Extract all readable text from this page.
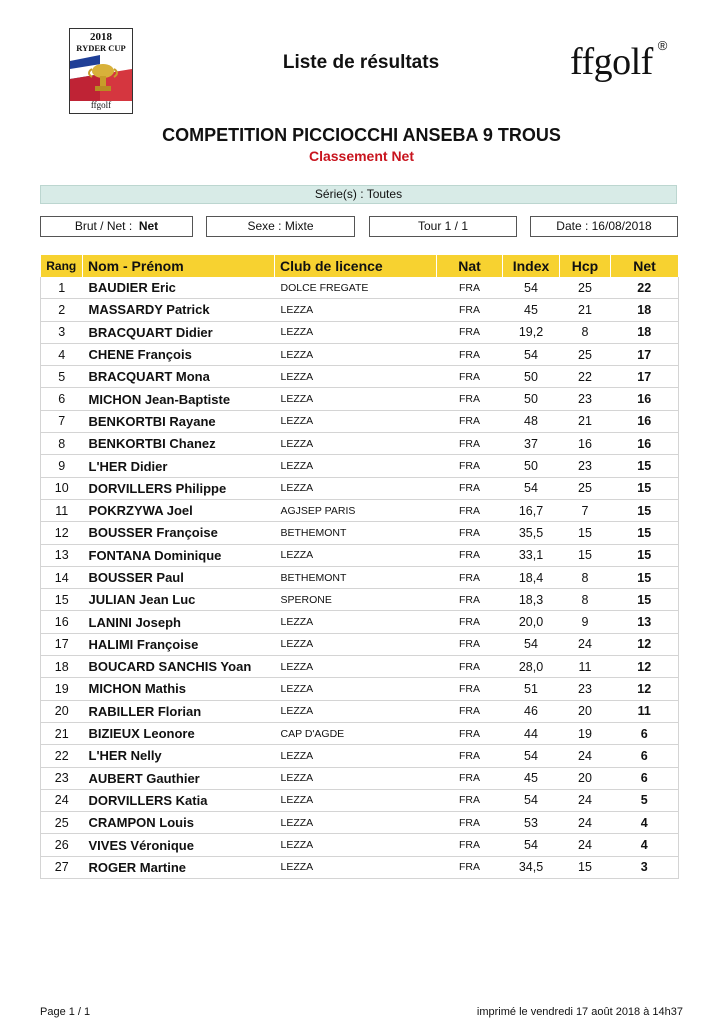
2018
RYDER CUP
ffgolf
Liste de résultats	ffgolf ®
COMPETITION PICCIOCCHI ANSEBA 9 TROUS
Classement Net
Série(s) : Toutes
Brut / Net : Net	Sexe : Mixte	Tour 1 / 1	Date : 16/08/2018
Rang	Nom - Prénom	Club de licence	Nat	Index	Hcp	Net
1	BAUDIER Eric	DOLCE FREGATE	FRA	54	25	22
2	MASSARDY Patrick	LEZZA	FRA	45	21	18
3	BRACQUART Didier	LEZZA	FRA	19,2	8	18
4	CHENE François	LEZZA	FRA	54	25	17
5	BRACQUART Mona	LEZZA	FRA	50	22	17
6	MICHON Jean-Baptiste	LEZZA	FRA	50	23	16
7	BENKORTBI Rayane	LEZZA	FRA	48	21	16
8	BENKORTBI Chanez	LEZZA	FRA	37	16	16
9	L'HER Didier	LEZZA	FRA	50	23	15
10	DORVILLERS Philippe	LEZZA	FRA	54	25	15
11	POKRZYWA Joel	AGJSEP PARIS	FRA	16,7	7	15
12	BOUSSER Françoise	BETHEMONT	FRA	35,5	15	15
13	FONTANA Dominique	LEZZA	FRA	33,1	15	15
14	BOUSSER Paul	BETHEMONT	FRA	18,4	8	15
15	JULIAN Jean Luc	SPERONE	FRA	18,3	8	15
16	LANINI Joseph	LEZZA	FRA	20,0	9	13
17	HALIMI Françoise	LEZZA	FRA	54	24	12
18	BOUCARD SANCHIS Yoan	LEZZA	FRA	28,0	11	12
19	MICHON Mathis	LEZZA	FRA	51	23	12
20	RABILLER Florian	LEZZA	FRA	46	20	11
21	BIZIEUX Leonore	CAP D'AGDE	FRA	44	19	6
22	L'HER Nelly	LEZZA	FRA	54	24	6
23	AUBERT Gauthier	LEZZA	FRA	45	20	6
24	DORVILLERS Katia	LEZZA	FRA	54	24	5
25	CRAMPON Louis	LEZZA	FRA	53	24	4
26	VIVES Véronique	LEZZA	FRA	54	24	4
27	ROGER Martine	LEZZA	FRA	34,5	15	3
Page 1 / 1	imprimé le vendredi 17 août 2018 à 14h37
